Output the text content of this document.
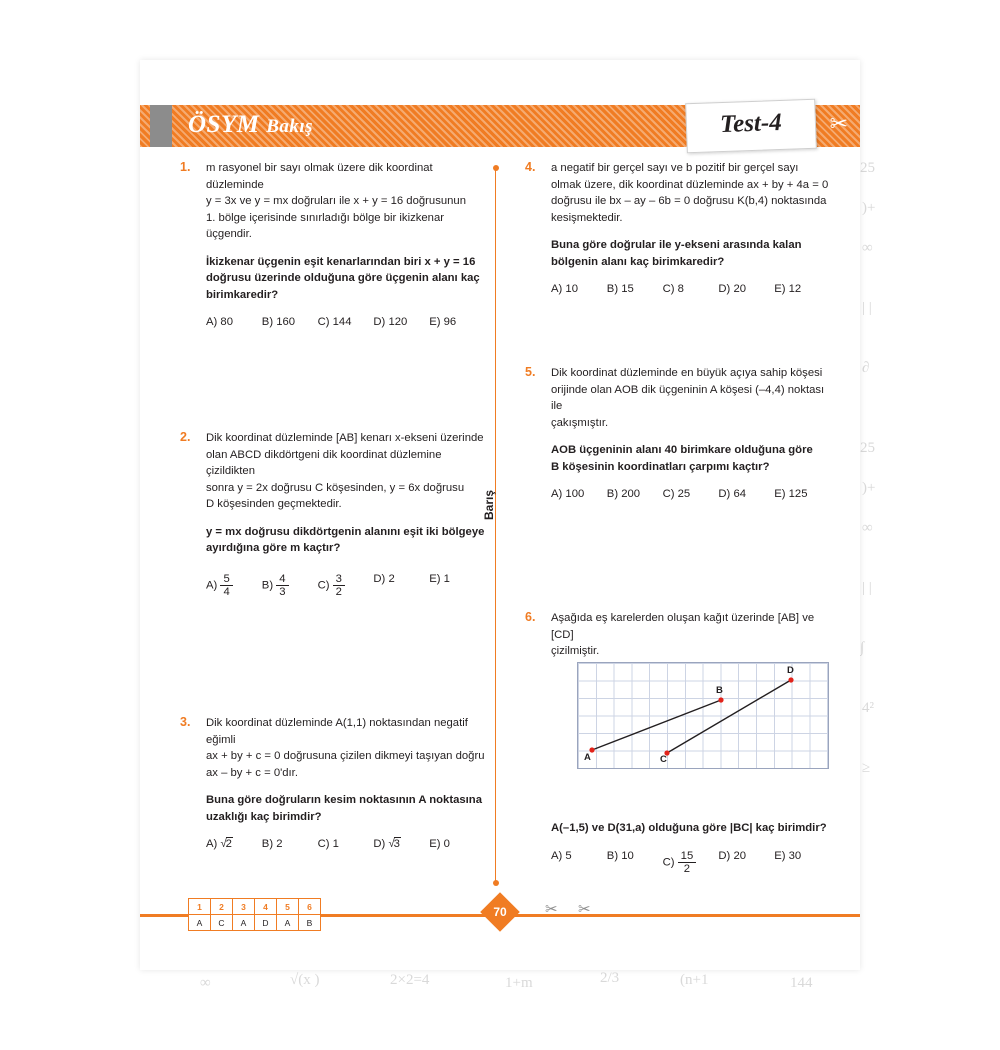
25
)+
∞
| |
∂
25
)+
∞
| |
∫
4²
≥
∞	√(x )	2×2=4	1+m	2/3	(n+1	144
ÖSYM Bakış	Test-4	✂
Barış
1.	m rasyonel bir sayı olmak üzere dik koordinat düzleminde

y = 3x ve y = mx doğruları ile x + y = 16 doğrusunun

1. bölge içerisinde sınırladığı bölge bir ikizkenar üçgendir.

İkizkenar üçgenin eşit kenarlarından biri x + y = 16

doğrusu üzerinde olduğuna göre üçgenin alanı kaç

birimkaredir?

A) 80	B) 160	C) 144	D) 120	E) 96
2.	Dik koordinat düzleminde [AB] kenarı x-ekseni üzerinde

olan ABCD dikdörtgeni dik koordinat düzlemine çizildikten

sonra y = 2x doğrusu C köşesinden, y = 6x doğrusu

D köşesinden geçmektedir.

y = mx doğrusu dikdörtgenin alanını eşit iki bölgeye

ayırdığına göre m kaçtır?

$A) \frac{5}{4}$	$B) \frac{4}{3}$	$C) \frac{3}{2}$	D) 2	E) 1
3.	Dik koordinat düzleminde A(1,1) noktasından negatif eğimli

ax + by + c = 0 doğrusuna çizilen dikmeyi taşıyan doğru

ax – by + c = 0'dır.

Buna göre doğruların kesim noktasının A noktasına

uzaklığı kaç birimdir?

A) √2	B) 2	C) 1	D) √3	E) 0
4.	a negatif bir gerçel sayı ve b pozitif bir gerçel sayı

olmak üzere, dik koordinat düzleminde ax + by + 4a = 0

doğrusu ile bx – ay – 6b = 0 doğrusu K(b,4) noktasında

kesişmektedir.

Buna göre doğrular ile y-ekseni arasında kalan

bölgenin alanı kaç birimkaredir?

A) 10	B) 15	C) 8	D) 20	E) 12
5.	Dik koordinat düzleminde en büyük açıya sahip köşesi

orijinde olan AOB dik üçgeninin A köşesi (–4,4) noktası ile

çakışmıştır.

AOB üçgeninin alanı 40 birimkare olduğuna göre

B köşesinin koordinatları çarpımı kaçtır?

A) 100	B) 200	C) 25	D) 64	E) 125
6.	Aşağıda eş karelerden oluşan kağıt üzerinde [AB] ve [CD]

çizilmiştir.

A
B
C
D

A(–1,5) ve D(31,a) olduğuna göre |BC| kaç birimdir?

A) 5	B) 10
$C) \frac{15}{2} D$) 20	E) 30
1	2	3	4	5	6
A	C	A	D	A	B
70	✂ ✂
